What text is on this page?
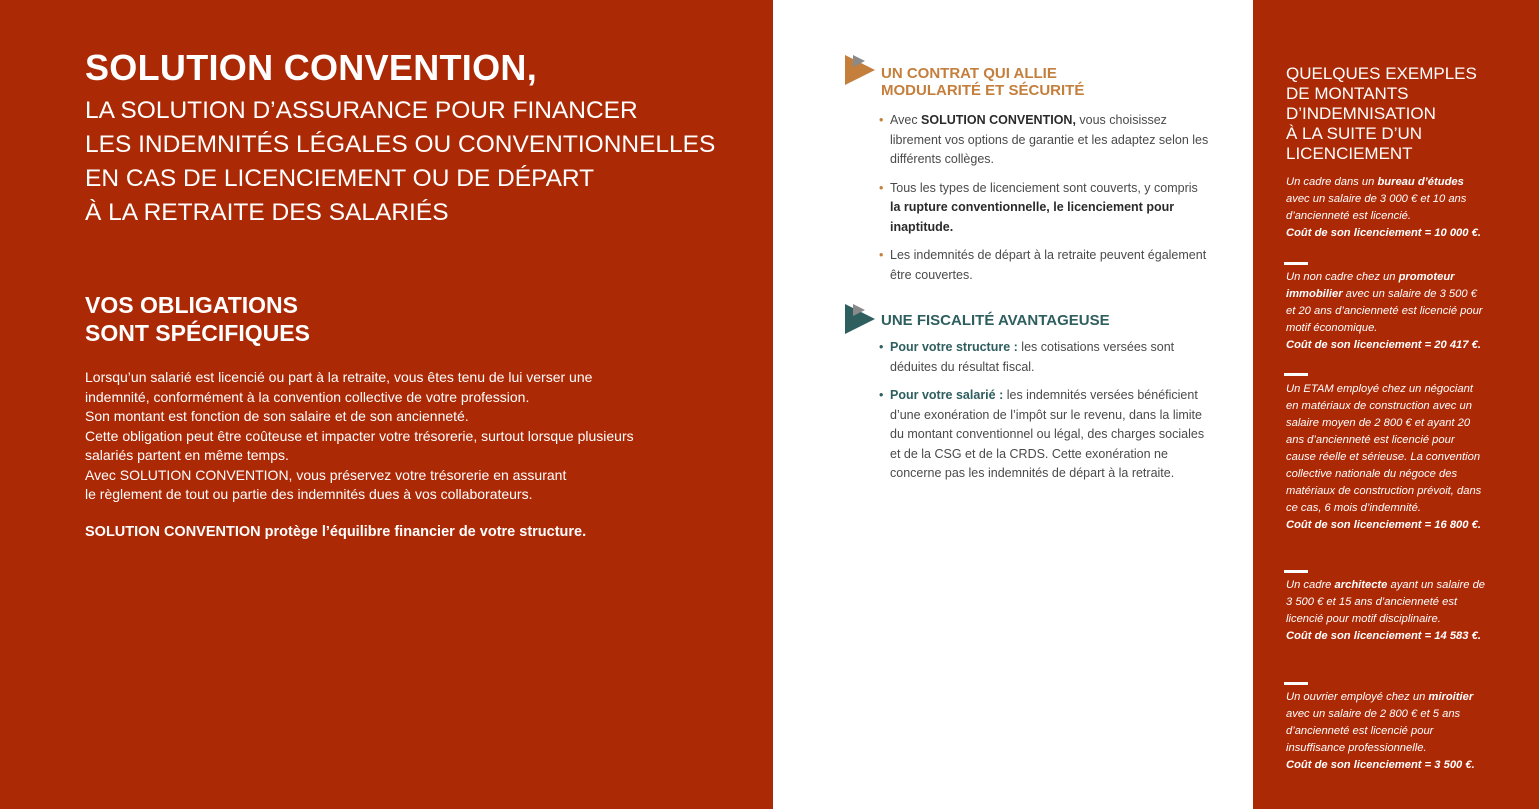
SOLUTION CONVENTION,
LA SOLUTION D’ASSURANCE POUR FINANCER
LES INDEMNITÉS LÉGALES OU CONVENTIONNELLES
EN CAS DE LICENCIEMENT OU DE DÉPART
À LA RETRAITE DES SALARIÉS
VOS OBLIGATIONS
SONT SPÉCIFIQUES
Lorsqu’un salarié est licencié ou part à la retraite, vous êtes tenu de lui verser une
indemnité, conformément à la convention collective de votre profession.
Son montant est fonction de son salaire et de son ancienneté.
Cette obligation peut être coûteuse et impacter votre trésorerie, surtout lorsque plusieurs
salariés partent en même temps.
Avec SOLUTION CONVENTION, vous préservez votre trésorerie en assurant
le règlement de tout ou partie des indemnités dues à vos collaborateurs.

SOLUTION CONVENTION protège l’équilibre financier de votre structure.

UN CONTRAT QUI ALLIE
MODULARITÉ ET SÉCURITÉ
• Avec SOLUTION CONVENTION, vous choisissez librement vos options de garantie et les adaptez selon les différents collèges.
• Tous les types de licenciement sont couverts, y compris la rupture conventionnelle, le licenciement pour inaptitude.
• Les indemnités de départ à la retraite peuvent également être couvertes.
UNE FISCALITÉ AVANTAGEUSE
• Pour votre structure : les cotisations versées sont déduites du résultat fiscal.
• Pour votre salarié : les indemnités versées bénéficient d’une exonération de l’impôt sur le revenu, dans la limite du montant conventionnel ou légal, des charges sociales et de la CSG et de la CRDS. Cette exonération ne concerne pas les indemnités de départ à la retraite.
QUELQUES EXEMPLES
DE MONTANTS
D’INDEMNISATION
À LA SUITE D’UN
LICENCIEMENT
Un cadre dans un bureau d’études avec un salaire de 3 000 € et 10 ans d’ancienneté est licencié.
Coût de son licenciement = 10 000 €.
Un non cadre chez un promoteur immobilier avec un salaire de 3 500 € et 20 ans d’ancienneté est licencié pour motif économique.
Coût de son licenciement = 20 417 €.
Un ETAM employé chez un négociant en matériaux de construction avec un salaire moyen de 2 800 € et ayant 20 ans d’ancienneté est licencié pour cause réelle et sérieuse. La convention collective nationale du négoce des matériaux de construction prévoit, dans ce cas, 6 mois d’indemnité.
Coût de son licenciement = 16 800 €.
Un cadre architecte ayant un salaire de 3 500 € et 15 ans d’ancienneté est licencié pour motif disciplinaire.
Coût de son licenciement = 14 583 €.
Un ouvrier employé chez un miroitier avec un salaire de 2 800 € et 5 ans d’ancienneté est licencié pour insuffisance professionnelle.
Coût de son licenciement = 3 500 €.
